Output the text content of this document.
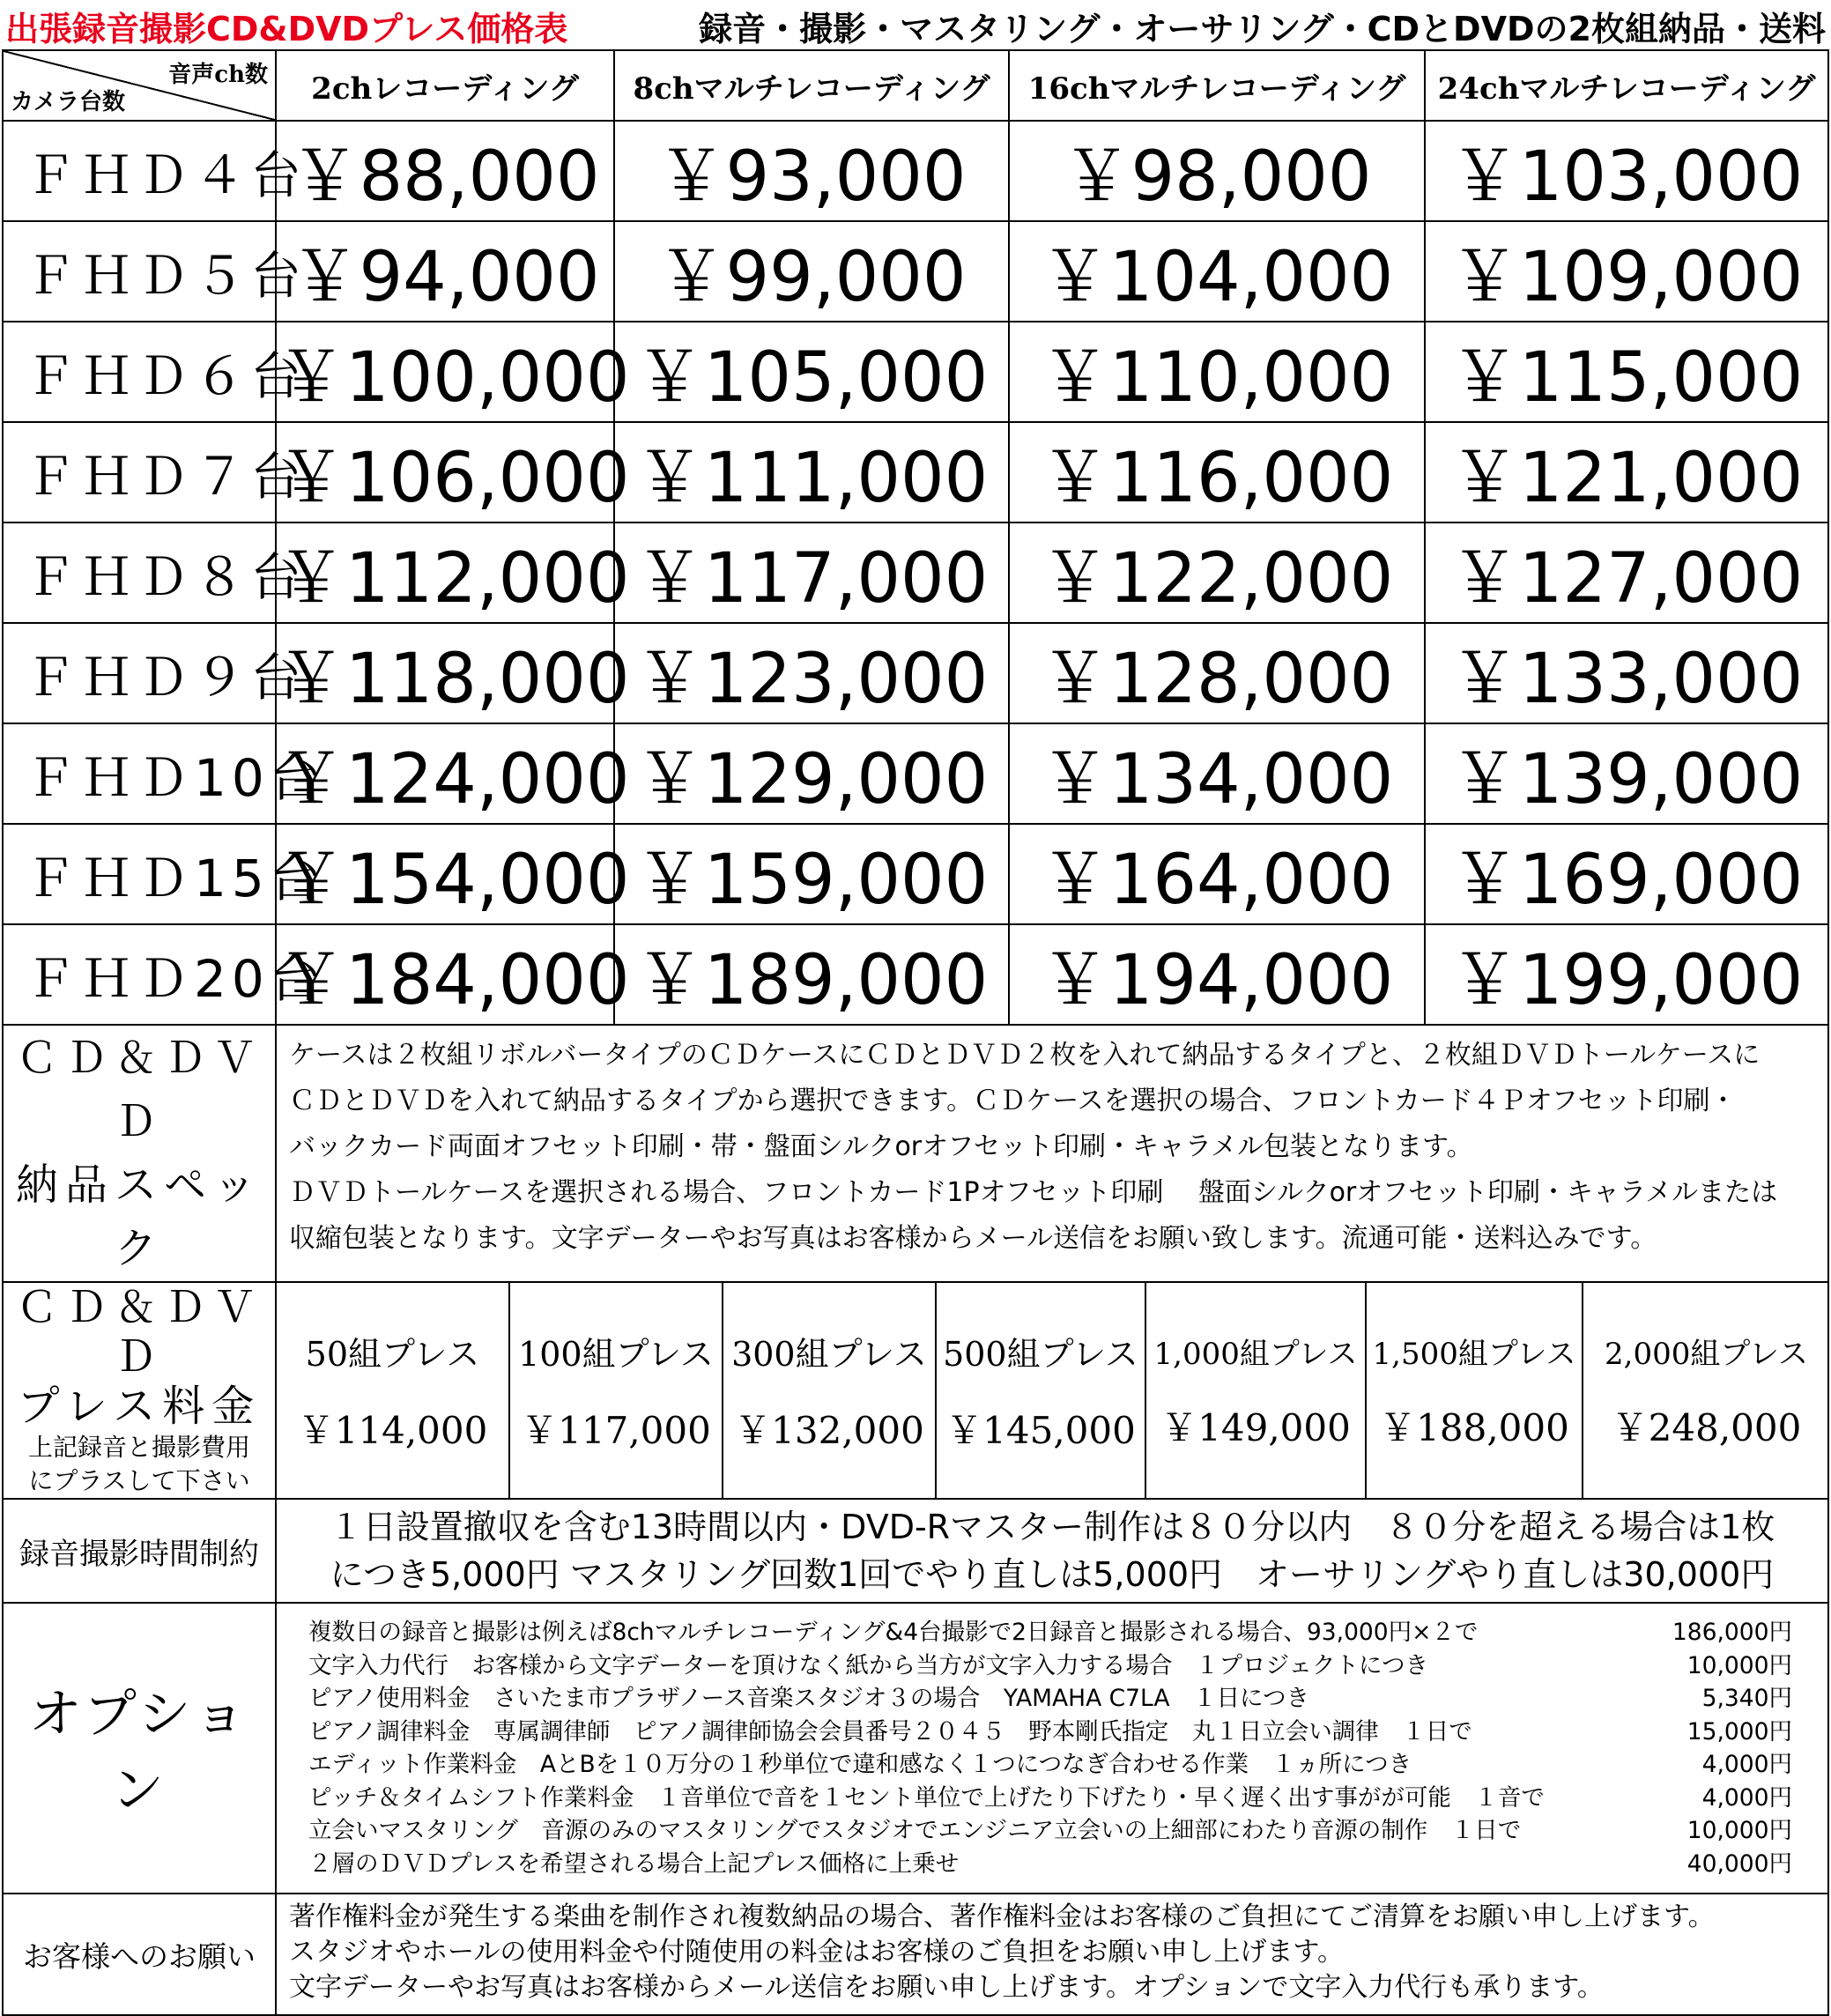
出張録音撮影CD&DVDプレス価格表	録音・撮影・マスタリング・オーサリング・CDとDVDの2枚組納品・送料
音声ch数
カメラ台数	2chレコーディング	8chマルチレコーディング	16chマルチレコーディング	24chマルチレコーディング
ＦＨＤ４台	￥88,000	￥93,000	￥98,000	￥103,000
ＦＨＤ５台	￥94,000	￥99,000	￥104,000	￥109,000
ＦＨＤ６台	￥100,000	￥105,000	￥110,000	￥115,000
ＦＨＤ７台	￥106,000	￥111,000	￥116,000	￥121,000
ＦＨＤ８台	￥112,000	￥117,000	￥122,000	￥127,000
ＦＨＤ９台	￥118,000	￥123,000	￥128,000	￥133,000
ＦＨＤ10台	￥124,000	￥129,000	￥134,000	￥139,000
ＦＨＤ15台	￥154,000	￥159,000	￥164,000	￥169,000
ＦＨＤ20台	￥184,000	￥189,000	￥194,000	￥199,000

ＣＤ＆ＤＶＤ
納品スペック

ケースは２枚組リボルバータイプのＣＤケースにＣＤとＤＶＤ２枚を入れて納品するタイプと、２枚組ＤＶＤトールケースに
ＣＤとＤＶＤを入れて納品するタイプから選択できます。ＣＤケースを選択の場合、フロントカード４Ｐオフセット印刷・
バックカード両面オフセット印刷・帯・盤面シルクorオフセット印刷・キャラメル包装となります。
ＤＶＤトールケースを選択される場合、フロントカード1Pオフセット印刷　 盤面シルクorオフセット印刷・キャラメルまたは
収縮包装となります。文字データーやお写真はお客様からメール送信をお願い致します。流通可能・送料込みです。

ＣＤ＆ＤＶＤ
プレス料金
上記録音と撮影費用
にプラスして下さい

50組プレス
￥114,000

100組プレス
￥117,000

300組プレス
￥132,000

500組プレス
￥145,000

1,000組プレス
￥149,000

1,500組プレス
￥188,000

2,000組プレス
￥248,000

録音撮影時間制約	
１日設置撤収を含む13時間以内・DVD-Rマスター制作は８０分以内　８０分を超える場合は1枚
につき5,000円 マスタリング回数1回でやり直しは5,000円　オーサリングやり直しは30,000円

オプション	
複数日の録音と撮影は例えば8chマルチレコーディング&4台撮影で2日録音と撮影される場合、93,000円×２で	186,000円
文字入力代行　お客様から文字データーを頂けなく紙から当方が文字入力する場合　１プロジェクトにつき	10,000円
ピアノ使用料金　さいたま市プラザノース音楽スタジオ３の場合　YAMAHA C7LA　１日につき	5,340円
ピアノ調律料金　専属調律師　ピアノ調律師協会会員番号２０４５　野本剛氏指定　丸１日立会い調律　１日で	15,000円
エディット作業料金　AとBを１０万分の１秒単位で違和感なく１つにつなぎ合わせる作業　１ヵ所につき	4,000円
ピッチ＆タイムシフト作業料金　１音単位で音を１セント単位で上げたり下げたり・早く遅く出す事がが可能　１音で	4,000円
立会いマスタリング　音源のみのマスタリングでスタジオでエンジニア立会いの上細部にわたり音源の制作　１日で	10,000円
２層のＤＶＤプレスを希望される場合上記プレス価格に上乗せ	40,000円

お客様へのお願い	
著作権料金が発生する楽曲を制作され複数納品の場合、著作権料金はお客様のご負担にてご清算をお願い申し上げます。
スタジオやホールの使用料金や付随使用の料金はお客様のご負担をお願い申し上げます。
文字データーやお写真はお客様からメール送信をお願い申し上げます。オプションで文字入力代行も承ります。
